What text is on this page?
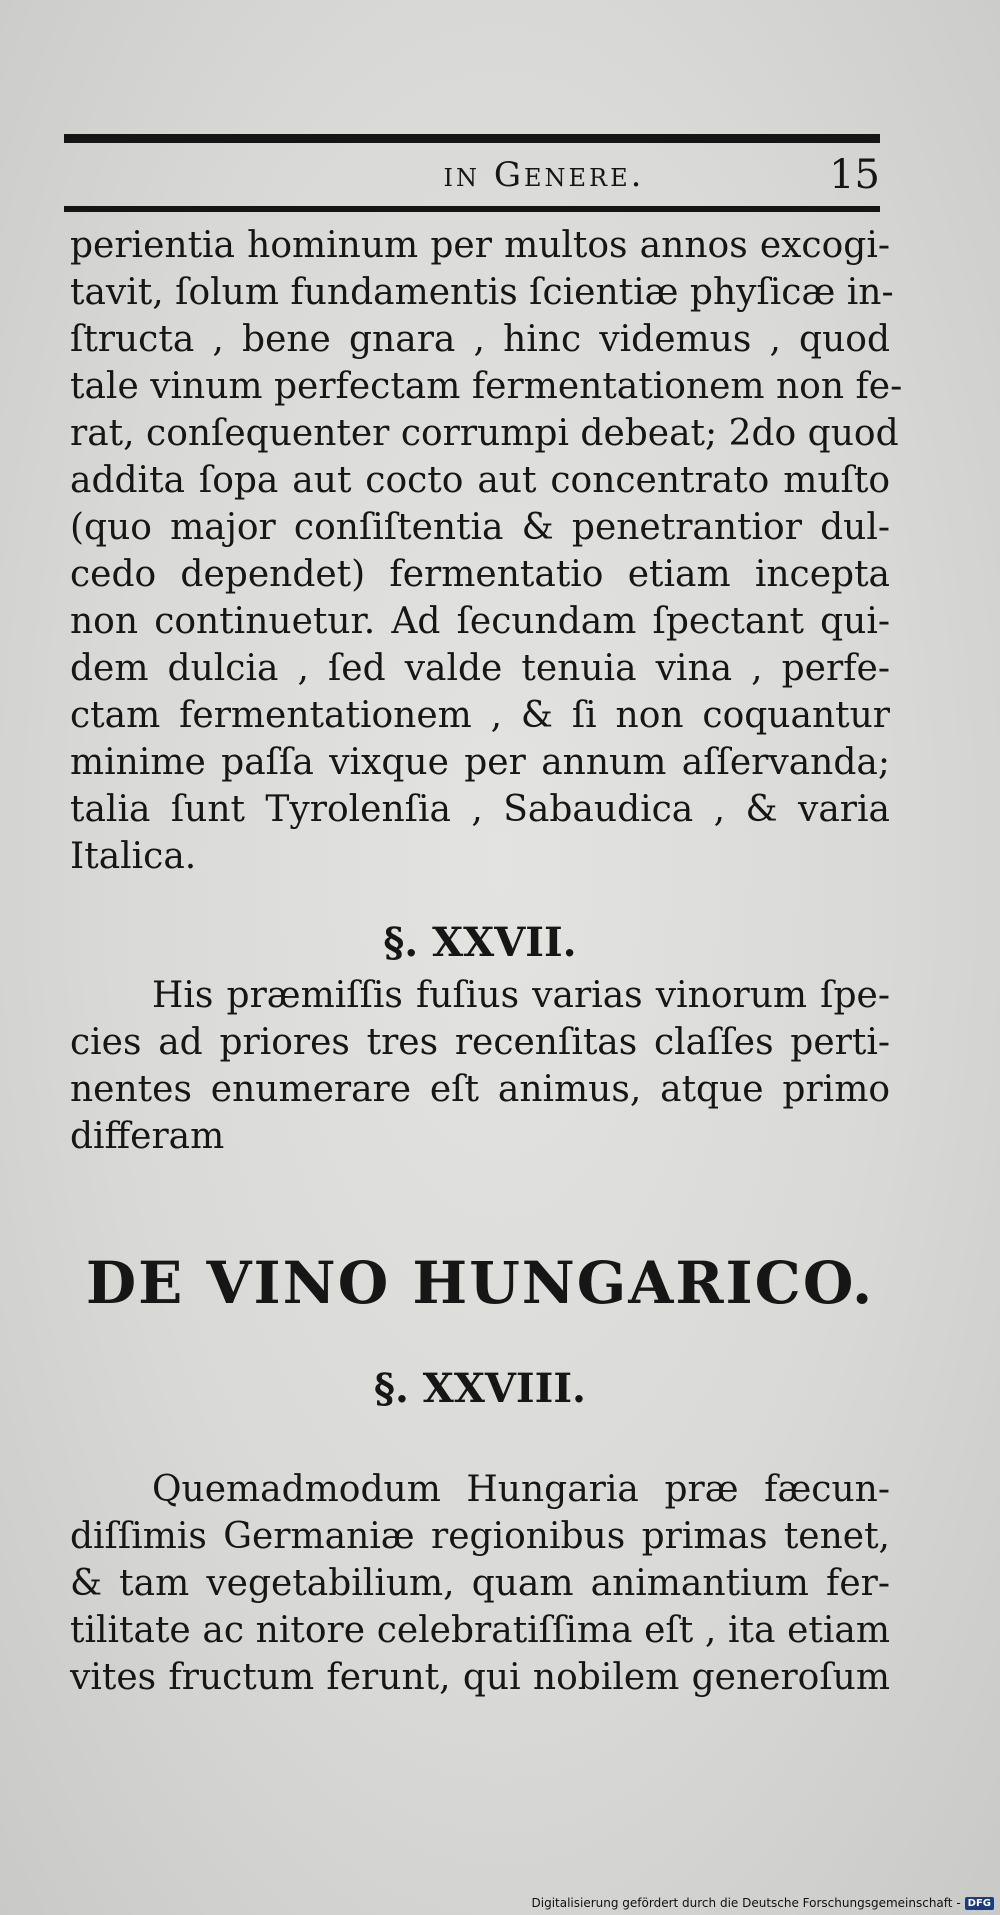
in Genere.	15
perientia hominum per multos annos excogi-
tavit, ſolum fundamentis ſcientiæ phyſicæ in-
ſtructa , bene gnara , hinc videmus , quod
tale vinum perfectam fermentationem non fe-
rat, conſequenter corrumpi debeat; 2do quod
addita ſopa aut cocto aut concentrato muſto
(quo major conſiſtentia & penetrantior dul-
cedo dependet) fermentatio etiam incepta
non continuetur. Ad ſecundam ſpectant qui-
dem dulcia , ſed valde tenuia vina , perfe-
ctam fermentationem , & ſi non coquantur
minime paſſa vixque per annum aſſervanda;
talia ſunt Tyrolenſia , Sabaudica , & varia
Italica.
§. XXVII.
His præmiſſis fuſius varias vinorum ſpe-
cies ad priores tres recenſitas claſſes perti-
nentes enumerare eſt animus, atque primo
differam
DE VINO HUNGARICO.
§. XXVIII.
Quemadmodum Hungaria præ fæcun-
diſſimis Germaniæ regionibus primas tenet,
& tam vegetabilium, quam animantium fer-
tilitate ac nitore celebratiſſima eſt , ita etiam
vites fructum ferunt, qui nobilem generoſum
Digitalisierung gefördert durch die Deutsche Forschungsgemeinschaft - DFG
